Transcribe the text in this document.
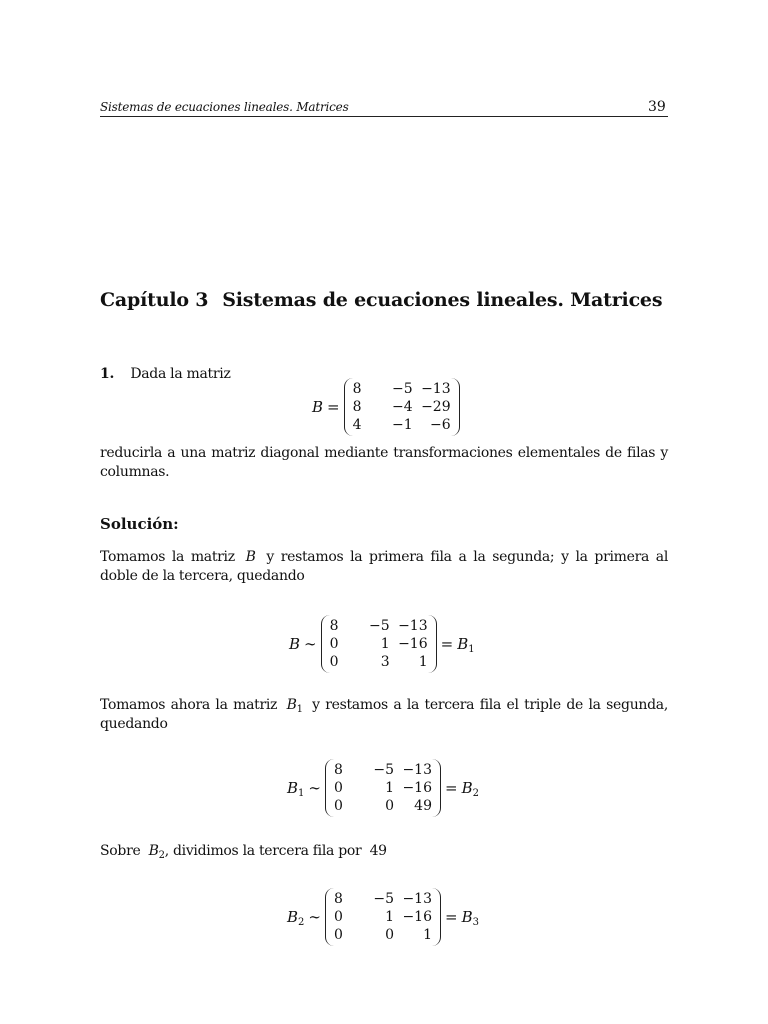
Sistemas de ecuaciones lineales. Matrices	39
Capítulo 3 Sistemas de ecuaciones lineales. Matrices
1. Dada la matriz
B =
8	−5 −13
8	−4 −29
4	−1	−6
reducirla a una matriz diagonal mediante transformaciones elementales de filas y columnas.
Solución:
Tomamos la matriz B y restamos la primera fila a la segunda; y la primera al doble de la tercera, quedando
B ∼
8	−5 −13
0	1 −16
0	3	1
= $B_1$
Tomamos ahora la matriz $B_1$ y restamos a la tercera fila el triple de la segunda, quedando
$B_1$ ∼
8	−5 −13
0	1 −16
0	0	49
= $B_2$
Sobre $B_2$, dividimos la tercera fila por 49
$B_2$ ∼
8	−5 −13
0	1 −16
0	0	1
= $B_3$
